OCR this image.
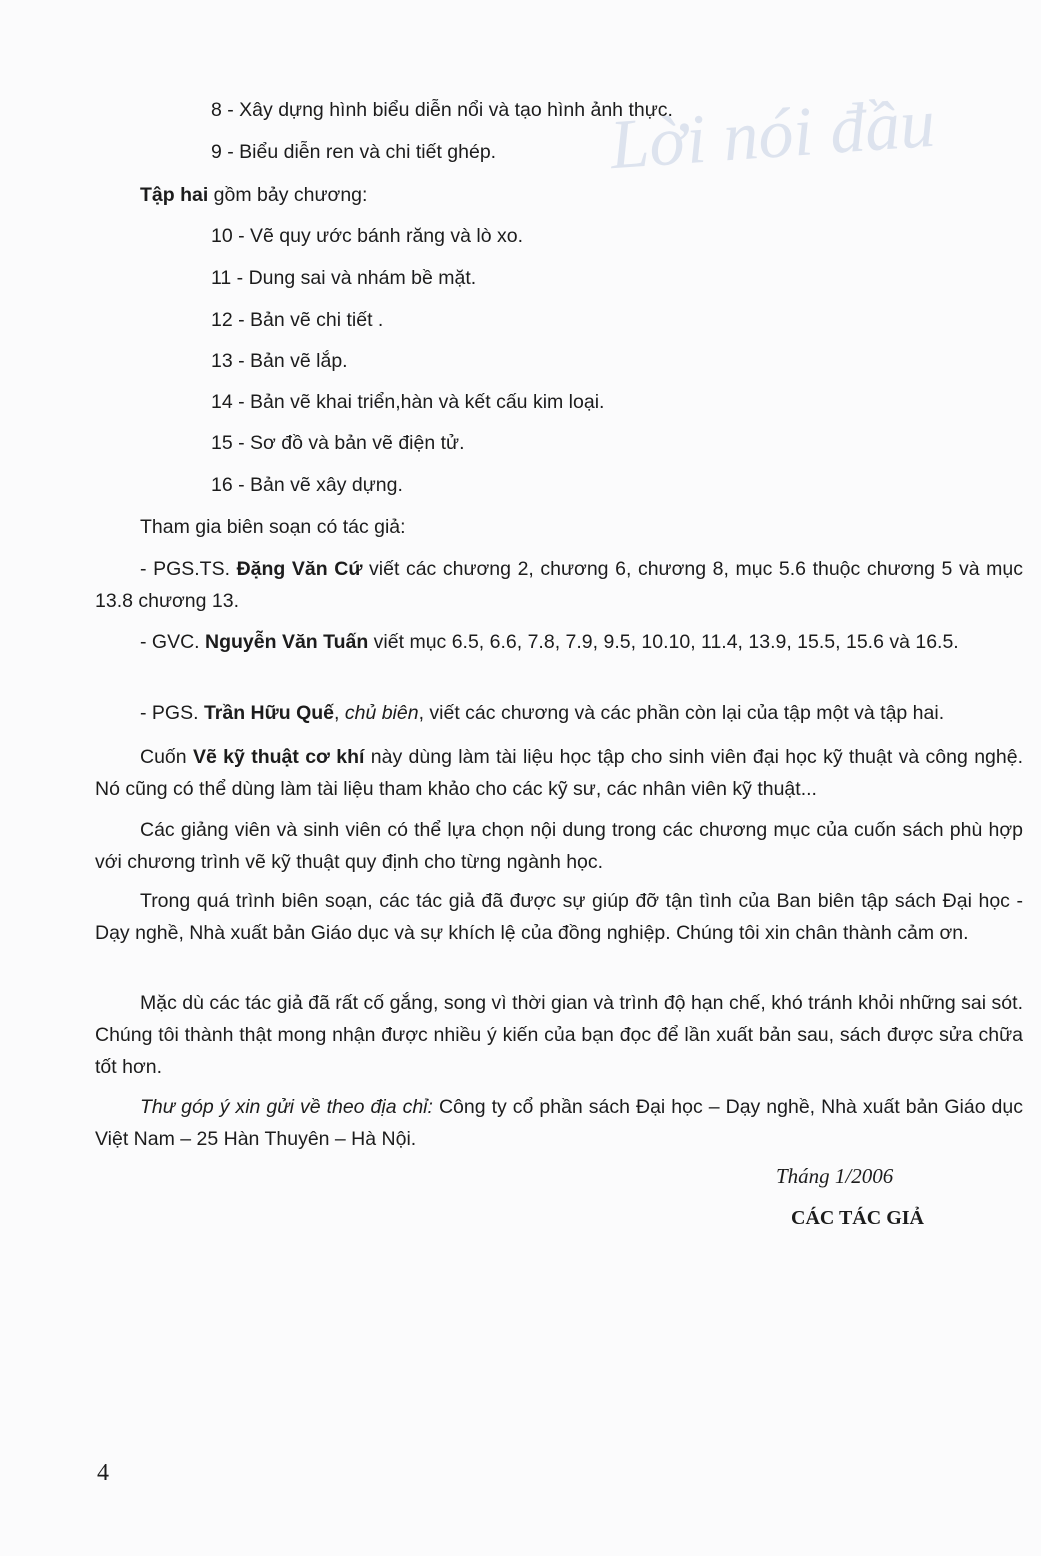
Lời nói đầu
8 - Xây dựng hình biểu diễn nổi và tạo hình ảnh thực.
9 - Biểu diễn ren và chi tiết ghép.
Tập hai gồm bảy chương:
10 - Vẽ quy ước bánh răng và lò xo.
11 - Dung sai và nhám bề mặt.
12 - Bản vẽ chi tiết .
13 - Bản vẽ lắp.
14 - Bản vẽ khai triển,hàn và kết cấu kim loại.
15 - Sơ đồ và bản vẽ điện tử.
16 - Bản vẽ xây dựng.
Tham gia biên soạn có tác giả:
- PGS.TS. Đặng Văn Cứ viết các chương 2, chương 6, chương 8, mục 5.6 thuộc chương 5 và mục 13.8 chương 13.
- GVC. Nguyễn Văn Tuấn viết mục 6.5, 6.6, 7.8, 7.9, 9.5, 10.10, 11.4, 13.9, 15.5, 15.6 và 16.5.
- PGS. Trần Hữu Quế, chủ biên, viết các chương và các phần còn lại của tập một và tập hai.
Cuốn Vẽ kỹ thuật cơ khí này dùng làm tài liệu học tập cho sinh viên đại học kỹ thuật và công nghệ. Nó cũng có thể dùng làm tài liệu tham khảo cho các kỹ sư, các nhân viên kỹ thuật...
Các giảng viên và sinh viên có thể lựa chọn nội dung trong các chương mục của cuốn sách phù hợp với chương trình vẽ kỹ thuật quy định cho từng ngành học.
Trong quá trình biên soạn, các tác giả đã được sự giúp đỡ tận tình của Ban biên tập sách Đại học - Dạy nghề, Nhà xuất bản Giáo dục và sự khích lệ của đồng nghiệp. Chúng tôi xin chân thành cảm ơn.
Mặc dù các tác giả đã rất cố gắng, song vì thời gian và trình độ hạn chế, khó tránh khỏi những sai sót. Chúng tôi thành thật mong nhận được nhiều ý kiến của bạn đọc để lần xuất bản sau, sách được sửa chữa tốt hơn.
Thư góp ý xin gửi về theo địa chỉ: Công ty cổ phần sách Đại học – Dạy nghề, Nhà xuất bản Giáo dục Việt Nam – 25 Hàn Thuyên – Hà Nội.
Tháng 1/2006
CÁC TÁC GIẢ
4
